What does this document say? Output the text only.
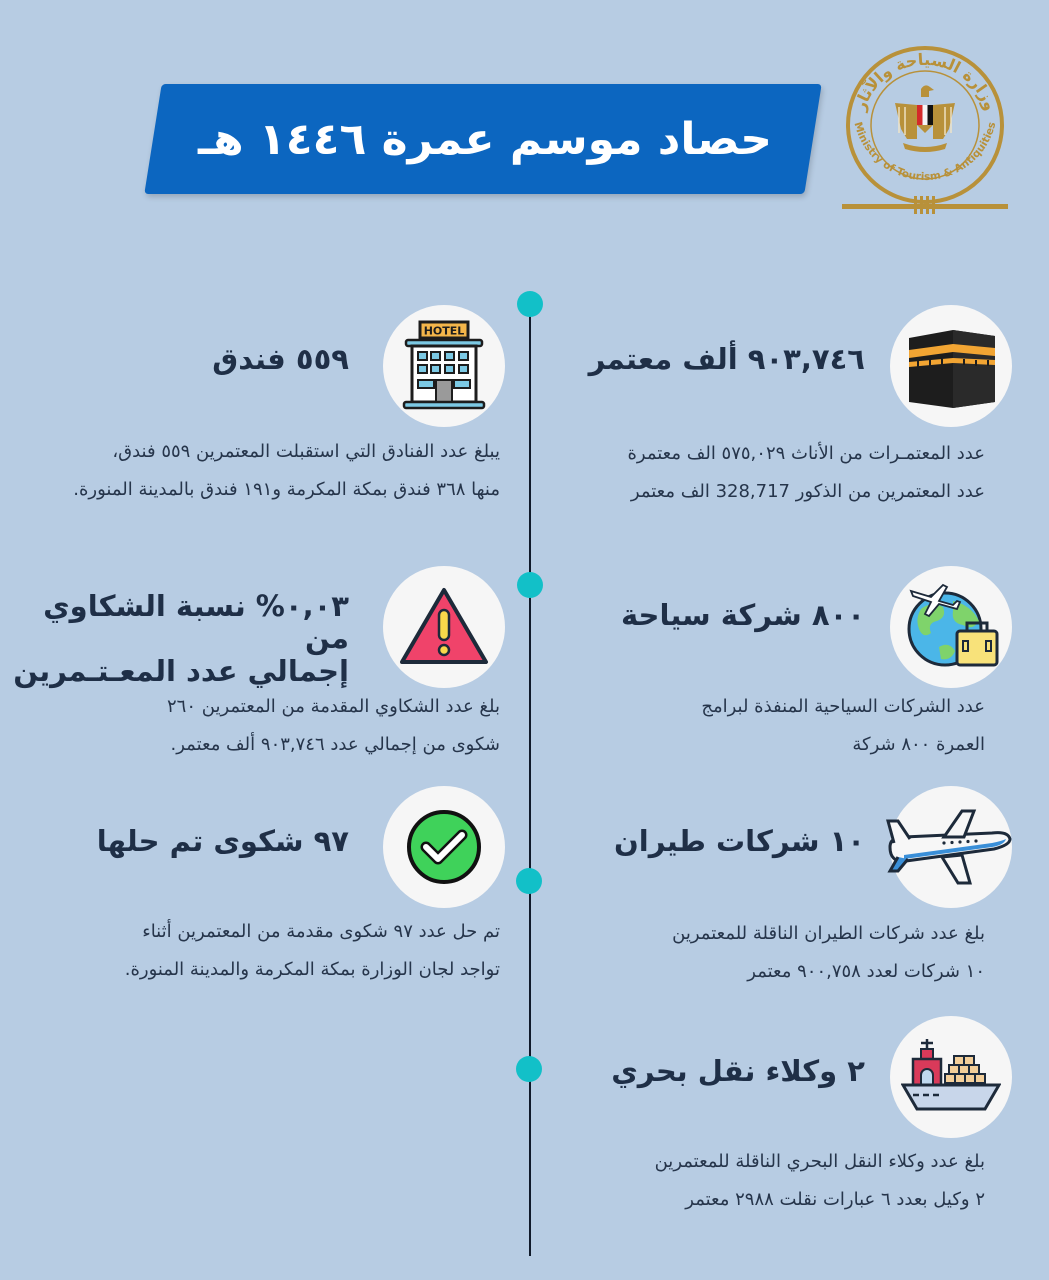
حصاد موسم عمرة ١٤٤٦ هـ
وزارة السياحة والآثار
Ministry of Tourism & Antiquities
٩٠٣,٧٤٦ ألف معتمر
عدد المعتمـرات من الأناث ٥٧٥,٠٢٩ الف معتمرة
عدد المعتمرين من الذكور 328,717 الف معتمر
٨٠٠ شركة سياحة
عدد الشركات السياحية المنفذة لبرامج
العمرة ٨٠٠ شركة
١٠ شركات طيران
بلغ عدد شركات الطيران الناقلة للمعتمرين
١٠ شركات لعدد ٩٠٠,٧٥٨ معتمر
٢ وكلاء نقل بحري
بلغ عدد وكلاء النقل البحري الناقلة للمعتمرين
٢ وكيل بعدد ٦ عبارات نقلت ٢٩٨٨ معتمر
HOTEL
٥٥٩ فندق
يبلغ عدد الفنادق التي استقبلت المعتمرين ٥٥٩ فندق،
منها ٣٦٨ فندق بمكة المكرمة و١٩١ فندق بالمدينة المنورة.
٠,٠٣% نسبة الشكاوي من
إجمالي عدد المعـتـمرين
بلغ عدد الشكاوي المقدمة من المعتمرين ٢٦٠
شكوى من إجمالي عدد ٩٠٣,٧٤٦ ألف معتمر.
٩٧ شكوى تم حلها
تم حل عدد ٩٧ شكوى مقدمة من المعتمرين أثناء
تواجد لجان الوزارة بمكة المكرمة والمدينة المنورة.
